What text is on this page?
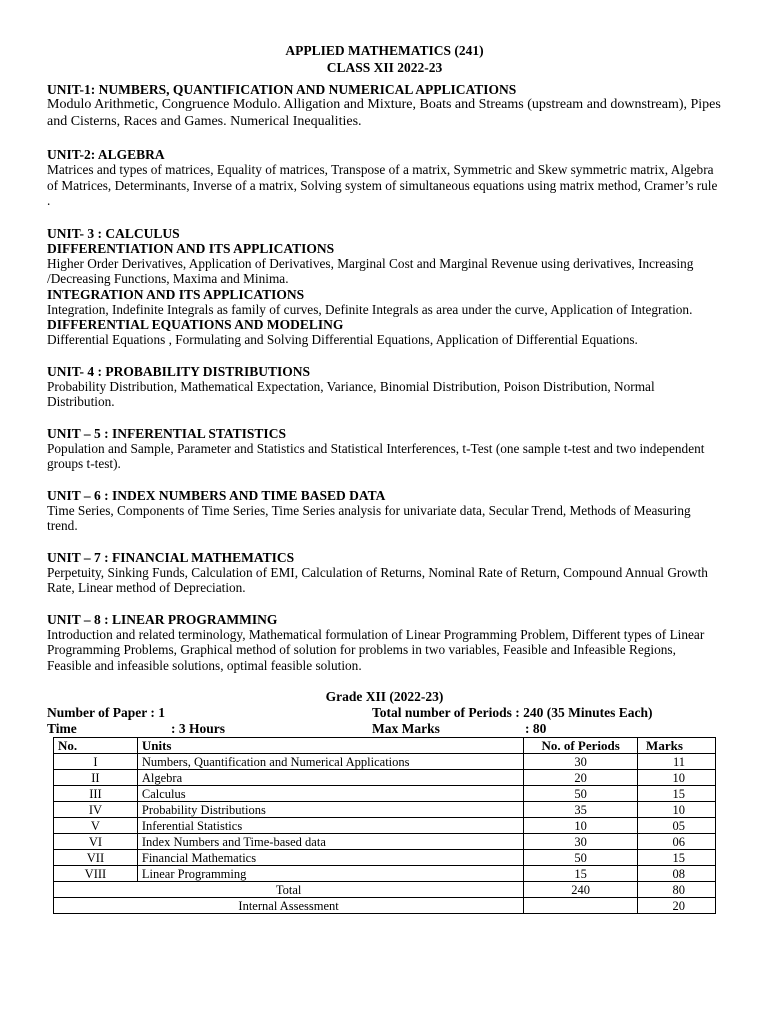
APPLIED MATHEMATICS (241)
CLASS XII 2022-23
UNIT-1: NUMBERS, QUANTIFICATION AND NUMERICAL APPLICATIONS
Modulo Arithmetic, Congruence Modulo. Alligation and Mixture, Boats and Streams (upstream and downstream), Pipes and Cisterns, Races and Games. Numerical Inequalities.
UNIT-2: ALGEBRA
Matrices and types of matrices, Equality of matrices, Transpose of a matrix, Symmetric and Skew symmetric matrix, Algebra of Matrices, Determinants, Inverse of a matrix, Solving system of simultaneous equations using matrix method, Cramer’s rule .
UNIT- 3 : CALCULUS
DIFFERENTIATION AND ITS APPLICATIONS
Higher Order Derivatives, Application of Derivatives, Marginal Cost and Marginal Revenue using derivatives, Increasing /Decreasing Functions, Maxima and Minima.
INTEGRATION AND ITS APPLICATIONS
Integration, Indefinite Integrals as family of curves, Definite Integrals as area under the curve, Application of Integration.
DIFFERENTIAL EQUATIONS AND MODELING
Differential Equations , Formulating and Solving Differential Equations, Application of Differential Equations.
UNIT- 4 : PROBABILITY DISTRIBUTIONS
Probability Distribution, Mathematical Expectation, Variance, Binomial Distribution, Poison Distribution, Normal Distribution.
UNIT – 5 : INFERENTIAL STATISTICS
Population and Sample, Parameter and Statistics and Statistical Interferences, t-Test (one sample t-test and two independent groups t-test).
UNIT – 6 : INDEX NUMBERS AND TIME BASED DATA
Time Series, Components of Time Series, Time Series analysis for univariate data, Secular Trend, Methods of Measuring trend.
UNIT – 7 : FINANCIAL MATHEMATICS
Perpetuity, Sinking Funds, Calculation of EMI, Calculation of Returns, Nominal Rate of Return, Compound Annual Growth Rate, Linear method of Depreciation.
UNIT – 8 : LINEAR PROGRAMMING
Introduction and related terminology, Mathematical formulation of Linear Programming Problem, Different types of Linear Programming Problems, Graphical method of solution for problems in two variables, Feasible and Infeasible Regions, Feasible and infeasible solutions, optimal feasible solution.
Grade XII (2022-23)
Number of Paper : 1	Total number of Periods : 240 (35 Minutes Each)
Time	: 3 Hours	Max Marks	: 80
No.	Units	No. of Periods	Marks
I	Numbers, Quantification and Numerical Applications	30	11
II	Algebra	20	10
III	Calculus	50	15
IV	Probability Distributions	35	10
V	Inferential Statistics	10	05
VI	Index Numbers and Time-based data	30	06
VII	Financial Mathematics	50	15
VIII	Linear Programming	15	08
Total		240	80
Internal Assessment			20
